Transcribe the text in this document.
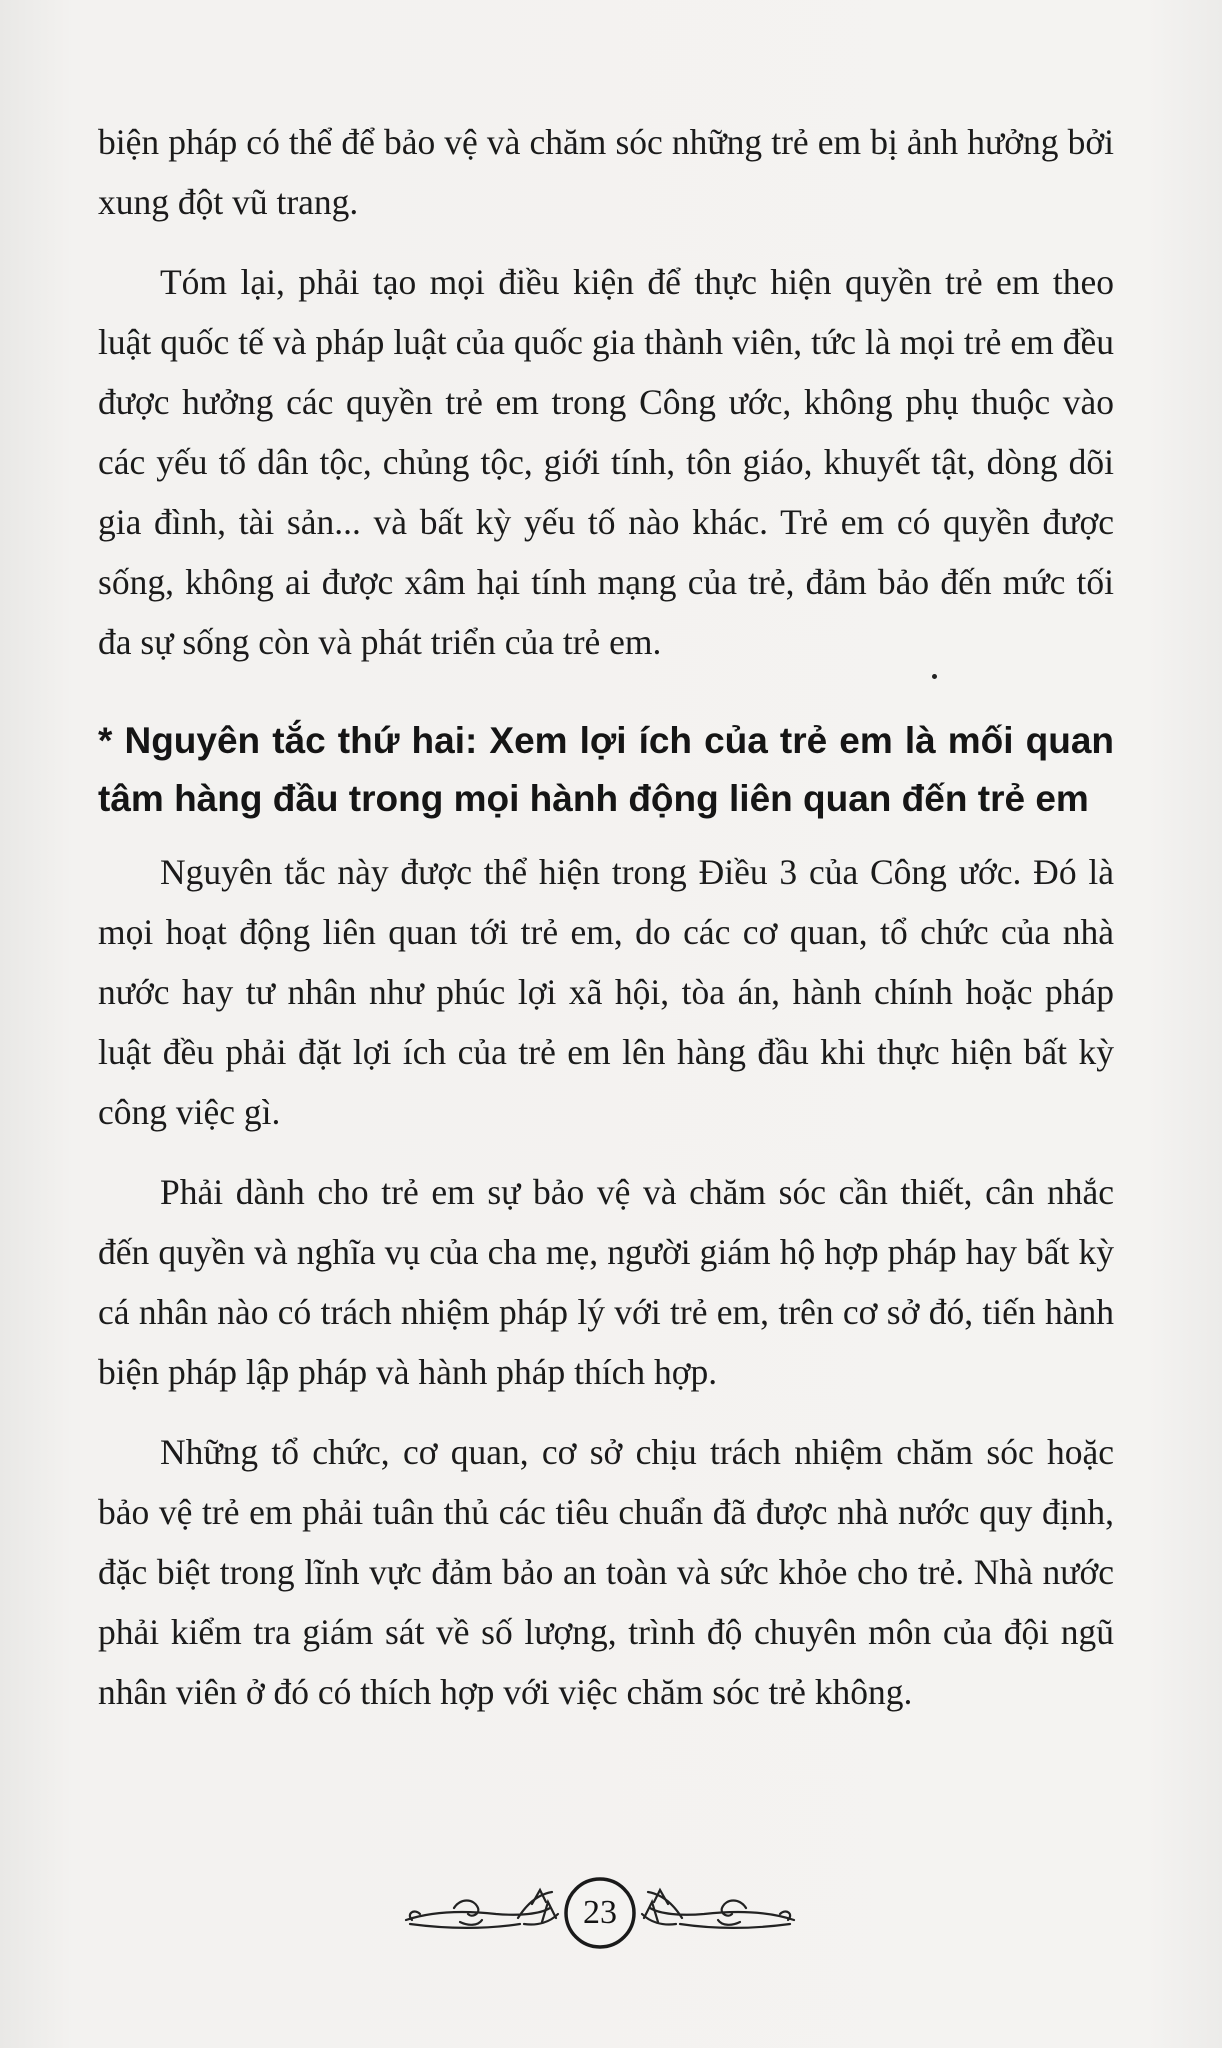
biện pháp có thể để bảo vệ và chăm sóc những trẻ em bị ảnh hưởng bởi xung đột vũ trang.

Tóm lại, phải tạo mọi điều kiện để thực hiện quyền trẻ em theo luật quốc tế và pháp luật của quốc gia thành viên, tức là mọi trẻ em đều được hưởng các quyền trẻ em trong Công ước, không phụ thuộc vào các yếu tố dân tộc, chủng tộc, giới tính, tôn giáo, khuyết tật, dòng dõi gia đình, tài sản... và bất kỳ yếu tố nào khác. Trẻ em có quyền được sống, không ai được xâm hại tính mạng của trẻ, đảm bảo đến mức tối đa sự sống còn và phát triển của trẻ em.

* Nguyên tắc thứ hai: Xem lợi ích của trẻ em là mối quan tâm hàng đầu trong mọi hành động liên quan đến trẻ em

Nguyên tắc này được thể hiện trong Điều 3 của Công ước. Đó là mọi hoạt động liên quan tới trẻ em, do các cơ quan, tổ chức của nhà nước hay tư nhân như phúc lợi xã hội, tòa án, hành chính hoặc pháp luật đều phải đặt lợi ích của trẻ em lên hàng đầu khi thực hiện bất kỳ công việc gì.

Phải dành cho trẻ em sự bảo vệ và chăm sóc cần thiết, cân nhắc đến quyền và nghĩa vụ của cha mẹ, người giám hộ hợp pháp hay bất kỳ cá nhân nào có trách nhiệm pháp lý với trẻ em, trên cơ sở đó, tiến hành biện pháp lập pháp và hành pháp thích hợp.

Những tổ chức, cơ quan, cơ sở chịu trách nhiệm chăm sóc hoặc bảo vệ trẻ em phải tuân thủ các tiêu chuẩn đã được nhà nước quy định, đặc biệt trong lĩnh vực đảm bảo an toàn và sức khỏe cho trẻ. Nhà nước phải kiểm tra giám sát về số lượng, trình độ chuyên môn của đội ngũ nhân viên ở đó có thích hợp với việc chăm sóc trẻ không.

23
